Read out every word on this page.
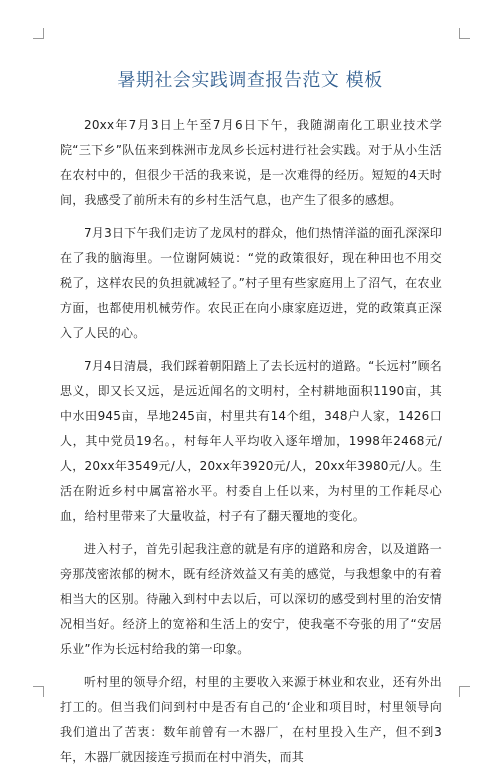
暑期社会实践调查报告范文 模板

20xx年7月3日上午至7月6日下午，我随湖南化工职业技术学院“三下乡”队伍来到株洲市龙凤乡长远村进行社会实践。对于从小生活在农村中的，但很少干活的我来说，是一次难得的经历。短短的4天时间，我感受了前所未有的乡村生活气息，也产生了很多的感想。

7月3日下午我们走访了龙凤村的群众，他们热情洋溢的面孔深深印在了我的脑海里。一位谢阿姨说：“党的政策很好，现在种田也不用交税了，这样农民的负担就减轻了。”村子里有些家庭用上了沼气，在农业方面，也都使用机械劳作。农民正在向小康家庭迈进，党的政策真正深入了人民的心。

7月4日清晨，我们踩着朝阳踏上了去长远村的道路。“长远村”顾名思义，即又长又远，是远近闻名的文明村，全村耕地面积1190亩，其中水田945亩，旱地245亩，村里共有14个组，348户人家，1426口人，其中党员19名。，村每年人平均收入逐年增加，1998年2468元/人，20xx年3549元/人，20xx年3920元/人，20xx年3980元/人。生活在附近乡村中属富裕水平。村委自上任以来，为村里的工作耗尽心血，给村里带来了大量收益，村子有了翻天覆地的变化。

进入村子，首先引起我注意的就是有序的道路和房舍，以及道路一旁那茂密浓郁的树木，既有经济效益又有美的感觉，与我想象中的有着相当大的区别。待融入到村中去以后，可以深切的感受到村里的治安情况相当好。经济上的宽裕和生活上的安宁，使我毫不夸张的用了“安居乐业”作为长远村给我的第一印象。

听村里的领导介绍，村里的主要收入来源于林业和农业，还有外出打工的。但当我们问到村中是否有自己的‘企业和项目时，村里领导向我们道出了苦衷：数年前曾有一木器厂，在村里投入生产，但不到3年，木器厂就因接连亏损而在村中消失，而其
